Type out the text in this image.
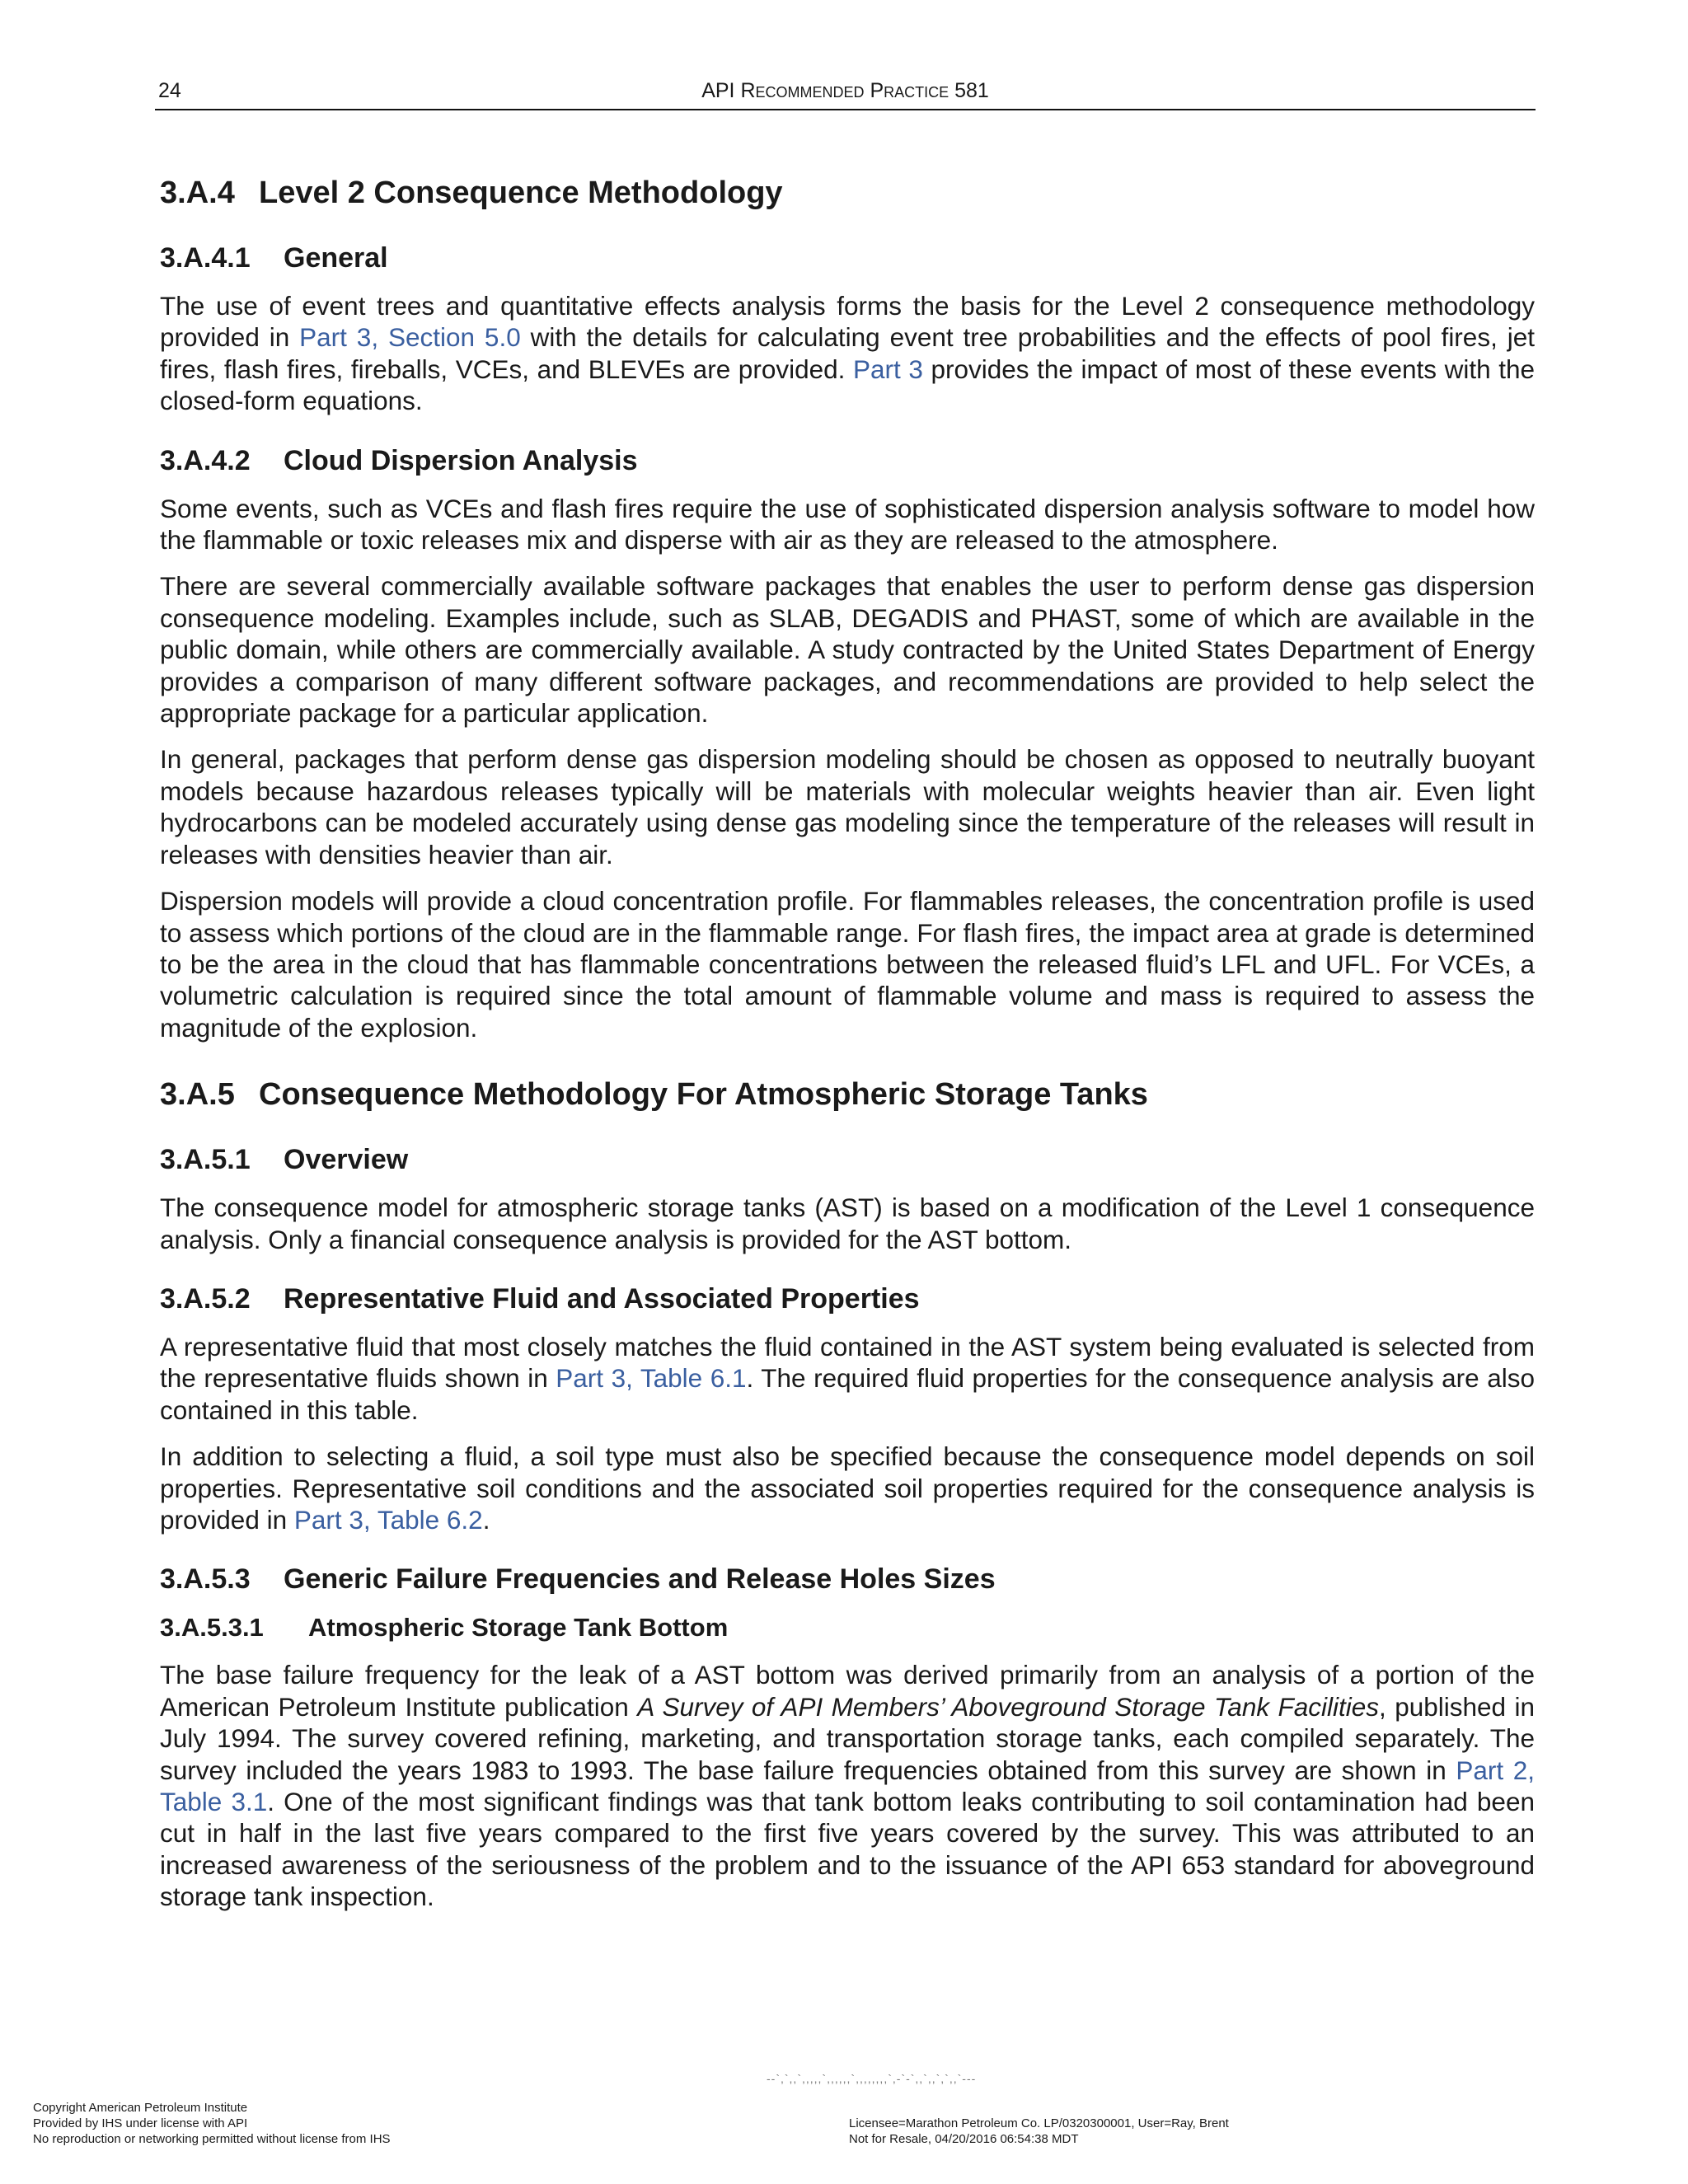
24	API Recommended Practice 581
3.A.4 Level 2 Consequence Methodology
3.A.4.1 General

The use of event trees and quantitative effects analysis forms the basis for the Level 2 consequence methodology provided in Part 3, Section 5.0 with the details for calculating event tree probabilities and the effects of pool fires, jet fires, flash fires, fireballs, VCEs, and BLEVEs are provided. Part 3 provides the impact of most of these events with the closed-form equations.

3.A.4.2 Cloud Dispersion Analysis

Some events, such as VCEs and flash fires require the use of sophisticated dispersion analysis software to model how the flammable or toxic releases mix and disperse with air as they are released to the atmosphere.

There are several commercially available software packages that enables the user to perform dense gas dispersion consequence modeling. Examples include, such as SLAB, DEGADIS and PHAST, some of which are available in the public domain, while others are commercially available. A study contracted by the United States Department of Energy provides a comparison of many different software packages, and recommendations are provided to help select the appropriate package for a particular application.

In general, packages that perform dense gas dispersion modeling should be chosen as opposed to neutrally buoyant models because hazardous releases typically will be materials with molecular weights heavier than air. Even light hydrocarbons can be modeled accurately using dense gas modeling since the temperature of the releases will result in releases with densities heavier than air.

Dispersion models will provide a cloud concentration profile. For flammables releases, the concentration profile is used to assess which portions of the cloud are in the flammable range. For flash fires, the impact area at grade is determined to be the area in the cloud that has flammable concentrations between the released fluid’s LFL and UFL. For VCEs, a volumetric calculation is required since the total amount of flammable volume and mass is required to assess the magnitude of the explosion.

3.A.5 Consequence Methodology For Atmospheric Storage Tanks
3.A.5.1 Overview

The consequence model for atmospheric storage tanks (AST) is based on a modification of the Level 1 consequence analysis. Only a financial consequence analysis is provided for the AST bottom.

3.A.5.2 Representative Fluid and Associated Properties

A representative fluid that most closely matches the fluid contained in the AST system being evaluated is selected from the representative fluids shown in Part 3, Table 6.1. The required fluid properties for the consequence analysis are also contained in this table.

In addition to selecting a fluid, a soil type must also be specified because the consequence model depends on soil properties. Representative soil conditions and the associated soil properties required for the consequence analysis is provided in Part 3, Table 6.2.

3.A.5.3 Generic Failure Frequencies and Release Holes Sizes
3.A.5.3.1 Atmospheric Storage Tank Bottom

The base failure frequency for the leak of a AST bottom was derived primarily from an analysis of a portion of the American Petroleum Institute publication A Survey of API Members’ Aboveground Storage Tank Facilities, published in July 1994. The survey covered refining, marketing, and transportation storage tanks, each compiled separately. The survey included the years 1983 to 1993. The base failure frequencies obtained from this survey are shown in Part 2, Table 3.1. One of the most significant findings was that tank bottom leaks contributing to soil contamination had been cut in half in the last five years compared to the first five years covered by the survey. This was attributed to an increased awareness of the seriousness of the problem and to the issuance of the API 653 standard for aboveground storage tank inspection.

--`,`,,`,,,,,`,,,,,,`,,,,,,,,`,-`-`,,`,,`,`,,`---
Copyright American Petroleum Institute
Provided by IHS under license with API
No reproduction or networking permitted without license from IHS
Licensee=Marathon Petroleum Co. LP/0320300001, User=Ray, Brent
Not for Resale, 04/20/2016 06:54:38 MDT
